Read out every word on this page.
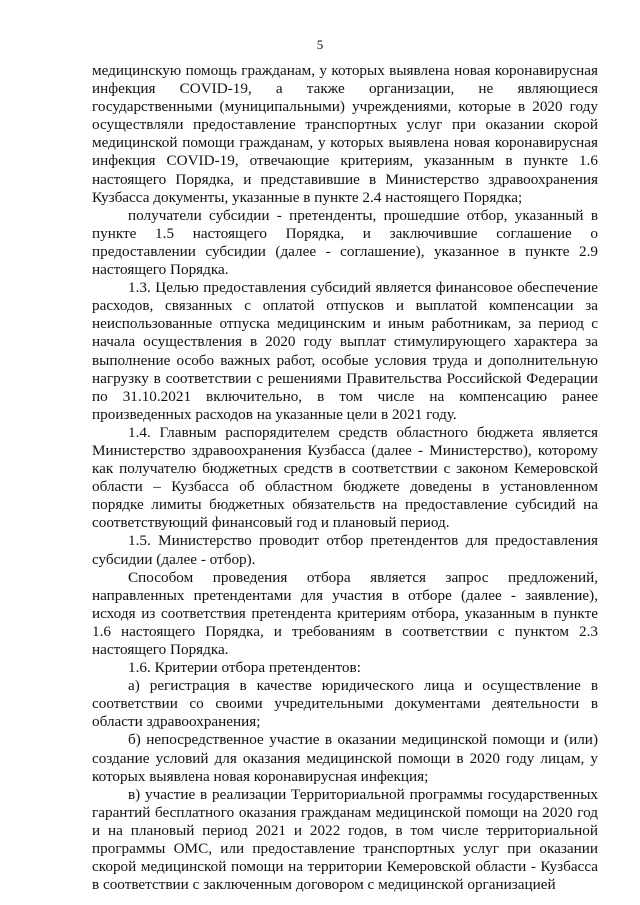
5

медицинскую помощь гражданам, у которых выявлена новая коронавирусная инфекция COVID-19, а также организации, не являющиеся государственными (муниципальными) учреждениями, которые в 2020 году осуществляли предоставление транспортных услуг при оказании скорой медицинской помощи гражданам, у которых выявлена новая коронавирусная инфекция COVID-19, отвечающие критериям, указанным в пункте 1.6 настоящего Порядка, и представившие в Министерство здравоохранения Кузбасса документы, указанные в пункте 2.4 настоящего Порядка;

получатели субсидии - претенденты, прошедшие отбор, указанный в пункте 1.5 настоящего Порядка, и заключившие соглашение о предоставлении субсидии (далее - соглашение), указанное в пункте 2.9 настоящего Порядка.

1.3. Целью предоставления субсидий является финансовое обеспечение расходов, связанных с оплатой отпусков и выплатой компенсации за неиспользованные отпуска медицинским и иным работникам, за период с начала осуществления в 2020 году выплат стимулирующего характера за выполнение особо важных работ, особые условия труда и дополнительную нагрузку в соответствии с решениями Правительства Российской Федерации по 31.10.2021 включительно, в том числе на компенсацию ранее произведенных расходов на указанные цели в 2021 году.

1.4. Главным распорядителем средств областного бюджета является Министерство здравоохранения Кузбасса (далее - Министерство), которому как получателю бюджетных средств в соответствии с законом Кемеровской области – Кузбасса об областном бюджете доведены в установленном порядке лимиты бюджетных обязательств на предоставление субсидий на соответствующий финансовый год и плановый период.

1.5. Министерство проводит отбор претендентов для предоставления субсидии (далее - отбор).

Способом проведения отбора является запрос предложений, направленных претендентами для участия в отборе (далее - заявление), исходя из соответствия претендента критериям отбора, указанным в пункте 1.6 настоящего Порядка, и требованиям в соответствии с пунктом 2.3 настоящего Порядка.

1.6. Критерии отбора претендентов:

а) регистрация в качестве юридического лица и осуществление в соответствии со своими учредительными документами деятельности в области здравоохранения;

б) непосредственное участие в оказании медицинской помощи и (или) создание условий для оказания медицинской помощи в 2020 году лицам, у которых выявлена новая коронавирусная инфекция;

в) участие в реализации Территориальной программы государственных гарантий бесплатного оказания гражданам медицинской помощи на 2020 год и на плановый период 2021 и 2022 годов, в том числе территориальной программы ОМС, или предоставление транспортных услуг при оказании скорой медицинской помощи на территории Кемеровской области - Кузбасса в соответствии с заключенным договором с медицинской организацией
